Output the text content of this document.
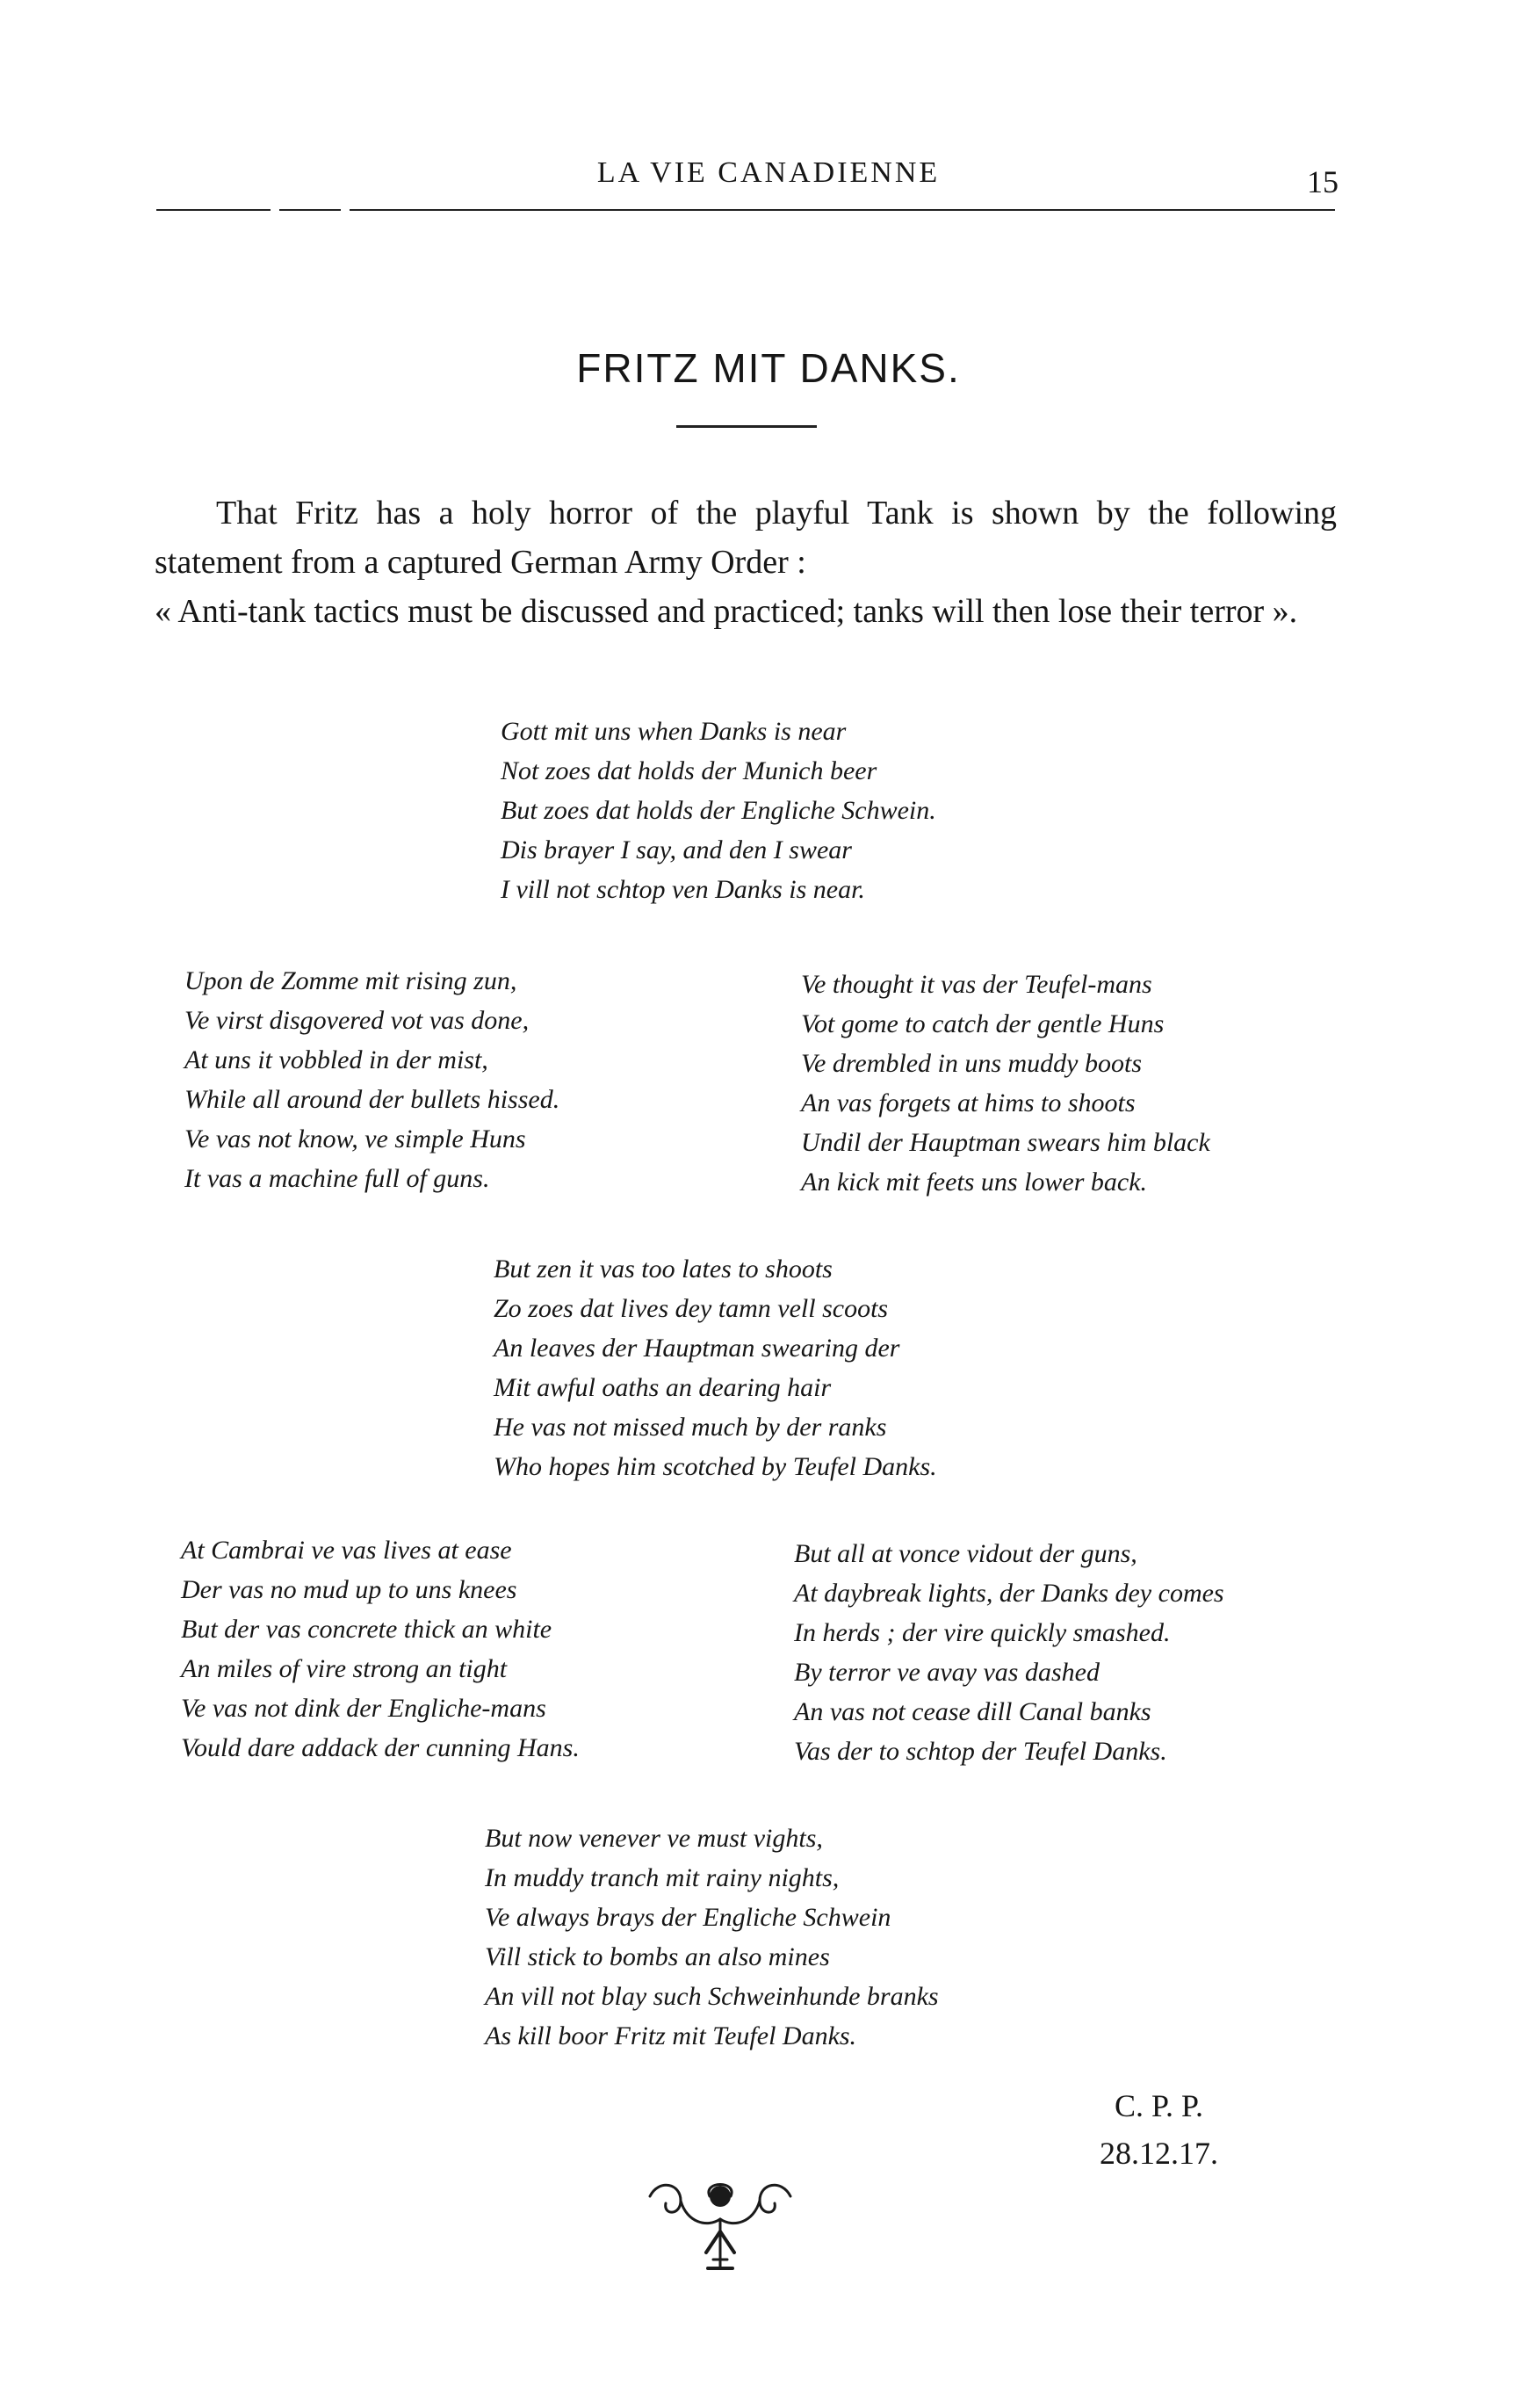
LA VIE CANADIENNE	15
FRITZ MIT DANKS.

That Fritz has a holy horror of the playful Tank is shown by the following statement from a captured German Army Order :

« Anti-tank tactics must be discussed and practiced; tanks will then lose their terror ».

Gott mit uns when Danks is near
Not zoes dat holds der Munich beer
But zoes dat holds der Engliche Schwein.
Dis brayer I say, and den I swear
I vill not schtop ven Danks is near.
Upon de Zomme mit rising zun,
Ve virst disgovered vot vas done,
At uns it vobbled in der mist,
While all around der bullets hissed.
Ve vas not know, ve simple Huns
It vas a machine full of guns.
Ve thought it vas der Teufel-mans
Vot gome to catch der gentle Huns
Ve drembled in uns muddy boots
An vas forgets at hims to shoots
Undil der Hauptman swears him black
An kick mit feets uns lower back.
But zen it vas too lates to shoots
Zo zoes dat lives dey tamn vell scoots
An leaves der Hauptman swearing der
Mit awful oaths an dearing hair
He vas not missed much by der ranks
Who hopes him scotched by Teufel Danks.
At Cambrai ve vas lives at ease
Der vas no mud up to uns knees
But der vas concrete thick an white
An miles of vire strong an tight
Ve vas not dink der Engliche-mans
Vould dare addack der cunning Hans.
But all at vonce vidout der guns,
At daybreak lights, der Danks dey comes
In herds ; der vire quickly smashed.
By terror ve avay vas dashed
An vas not cease dill Canal banks
Vas der to schtop der Teufel Danks.
But now venever ve must vights,
In muddy tranch mit rainy nights,
Ve always brays der Engliche Schwein
Vill stick to bombs an also mines
An vill not blay such Schweinhunde branks
As kill boor Fritz mit Teufel Danks.
C. P. P.
28.12.17.
